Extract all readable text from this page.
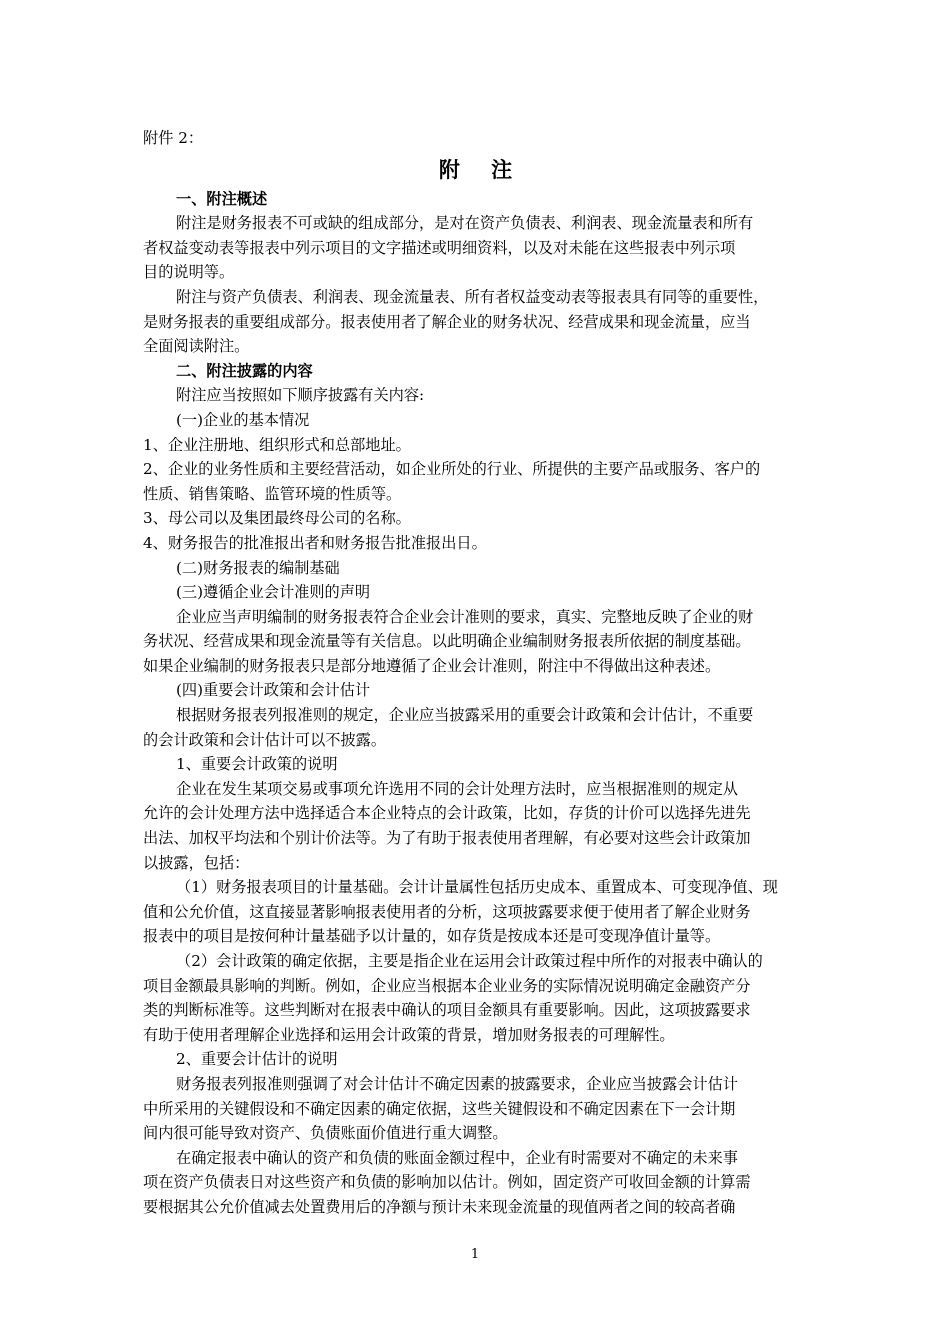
附件 2：

附 注

一、附注概述

附注是财务报表不可或缺的组成部分，是对在资产负债表、利润表、现金流量表和所有

者权益变动表等报表中列示项目的文字描述或明细资料，以及对未能在这些报表中列示项

目的说明等。

附注与资产负债表、利润表、现金流量表、所有者权益变动表等报表具有同等的重要性，

是财务报表的重要组成部分。报表使用者了解企业的财务状况、经营成果和现金流量，应当

全面阅读附注。

二、附注披露的内容

附注应当按照如下顺序披露有关内容:

(一)企业的基本情况

1、企业注册地、组织形式和总部地址。

2、企业的业务性质和主要经营活动，如企业所处的行业、所提供的主要产品或服务、客户的

性质、销售策略、监管环境的性质等。

3、母公司以及集团最终母公司的名称。

4、财务报告的批准报出者和财务报告批准报出日。

(二)财务报表的编制基础

(三)遵循企业会计准则的声明

企业应当声明编制的财务报表符合企业会计准则的要求，真实、完整地反映了企业的财

务状况、经营成果和现金流量等有关信息。以此明确企业编制财务报表所依据的制度基础。

如果企业编制的财务报表只是部分地遵循了企业会计准则，附注中不得做出这种表述。

(四)重要会计政策和会计估计

根据财务报表列报准则的规定，企业应当披露采用的重要会计政策和会计估计，不重要

的会计政策和会计估计可以不披露。

1、重要会计政策的说明

企业在发生某项交易或事项允许选用不同的会计处理方法时，应当根据准则的规定从

允许的会计处理方法中选择适合本企业特点的会计政策，比如，存货的计价可以选择先进先

出法、加权平均法和个别计价法等。为了有助于报表使用者理解，有必要对这些会计政策加

以披露，包括：

（1）财务报表项目的计量基础。会计计量属性包括历史成本、重置成本、可变现净值、现

值和公允价值，这直接显著影响报表使用者的分析，这项披露要求便于使用者了解企业财务

报表中的项目是按何种计量基础予以计量的，如存货是按成本还是可变现净值计量等。

（2）会计政策的确定依据，主要是指企业在运用会计政策过程中所作的对报表中确认的

项目金额最具影响的判断。例如，企业应当根据本企业业务的实际情况说明确定金融资产分

类的判断标准等。这些判断对在报表中确认的项目金额具有重要影响。因此，这项披露要求

有助于使用者理解企业选择和运用会计政策的背景，增加财务报表的可理解性。

2、重要会计估计的说明

财务报表列报准则强调了对会计估计不确定因素的披露要求，企业应当披露会计估计

中所采用的关键假设和不确定因素的确定依据，这些关键假设和不确定因素在下一会计期

间内很可能导致对资产、负债账面价值进行重大调整。

在确定报表中确认的资产和负债的账面金额过程中，企业有时需要对不确定的未来事

项在资产负债表日对这些资产和负债的影响加以估计。例如，固定资产可收回金额的计算需

要根据其公允价值减去处置费用后的净额与预计未来现金流量的现值两者之间的较高者确

1
